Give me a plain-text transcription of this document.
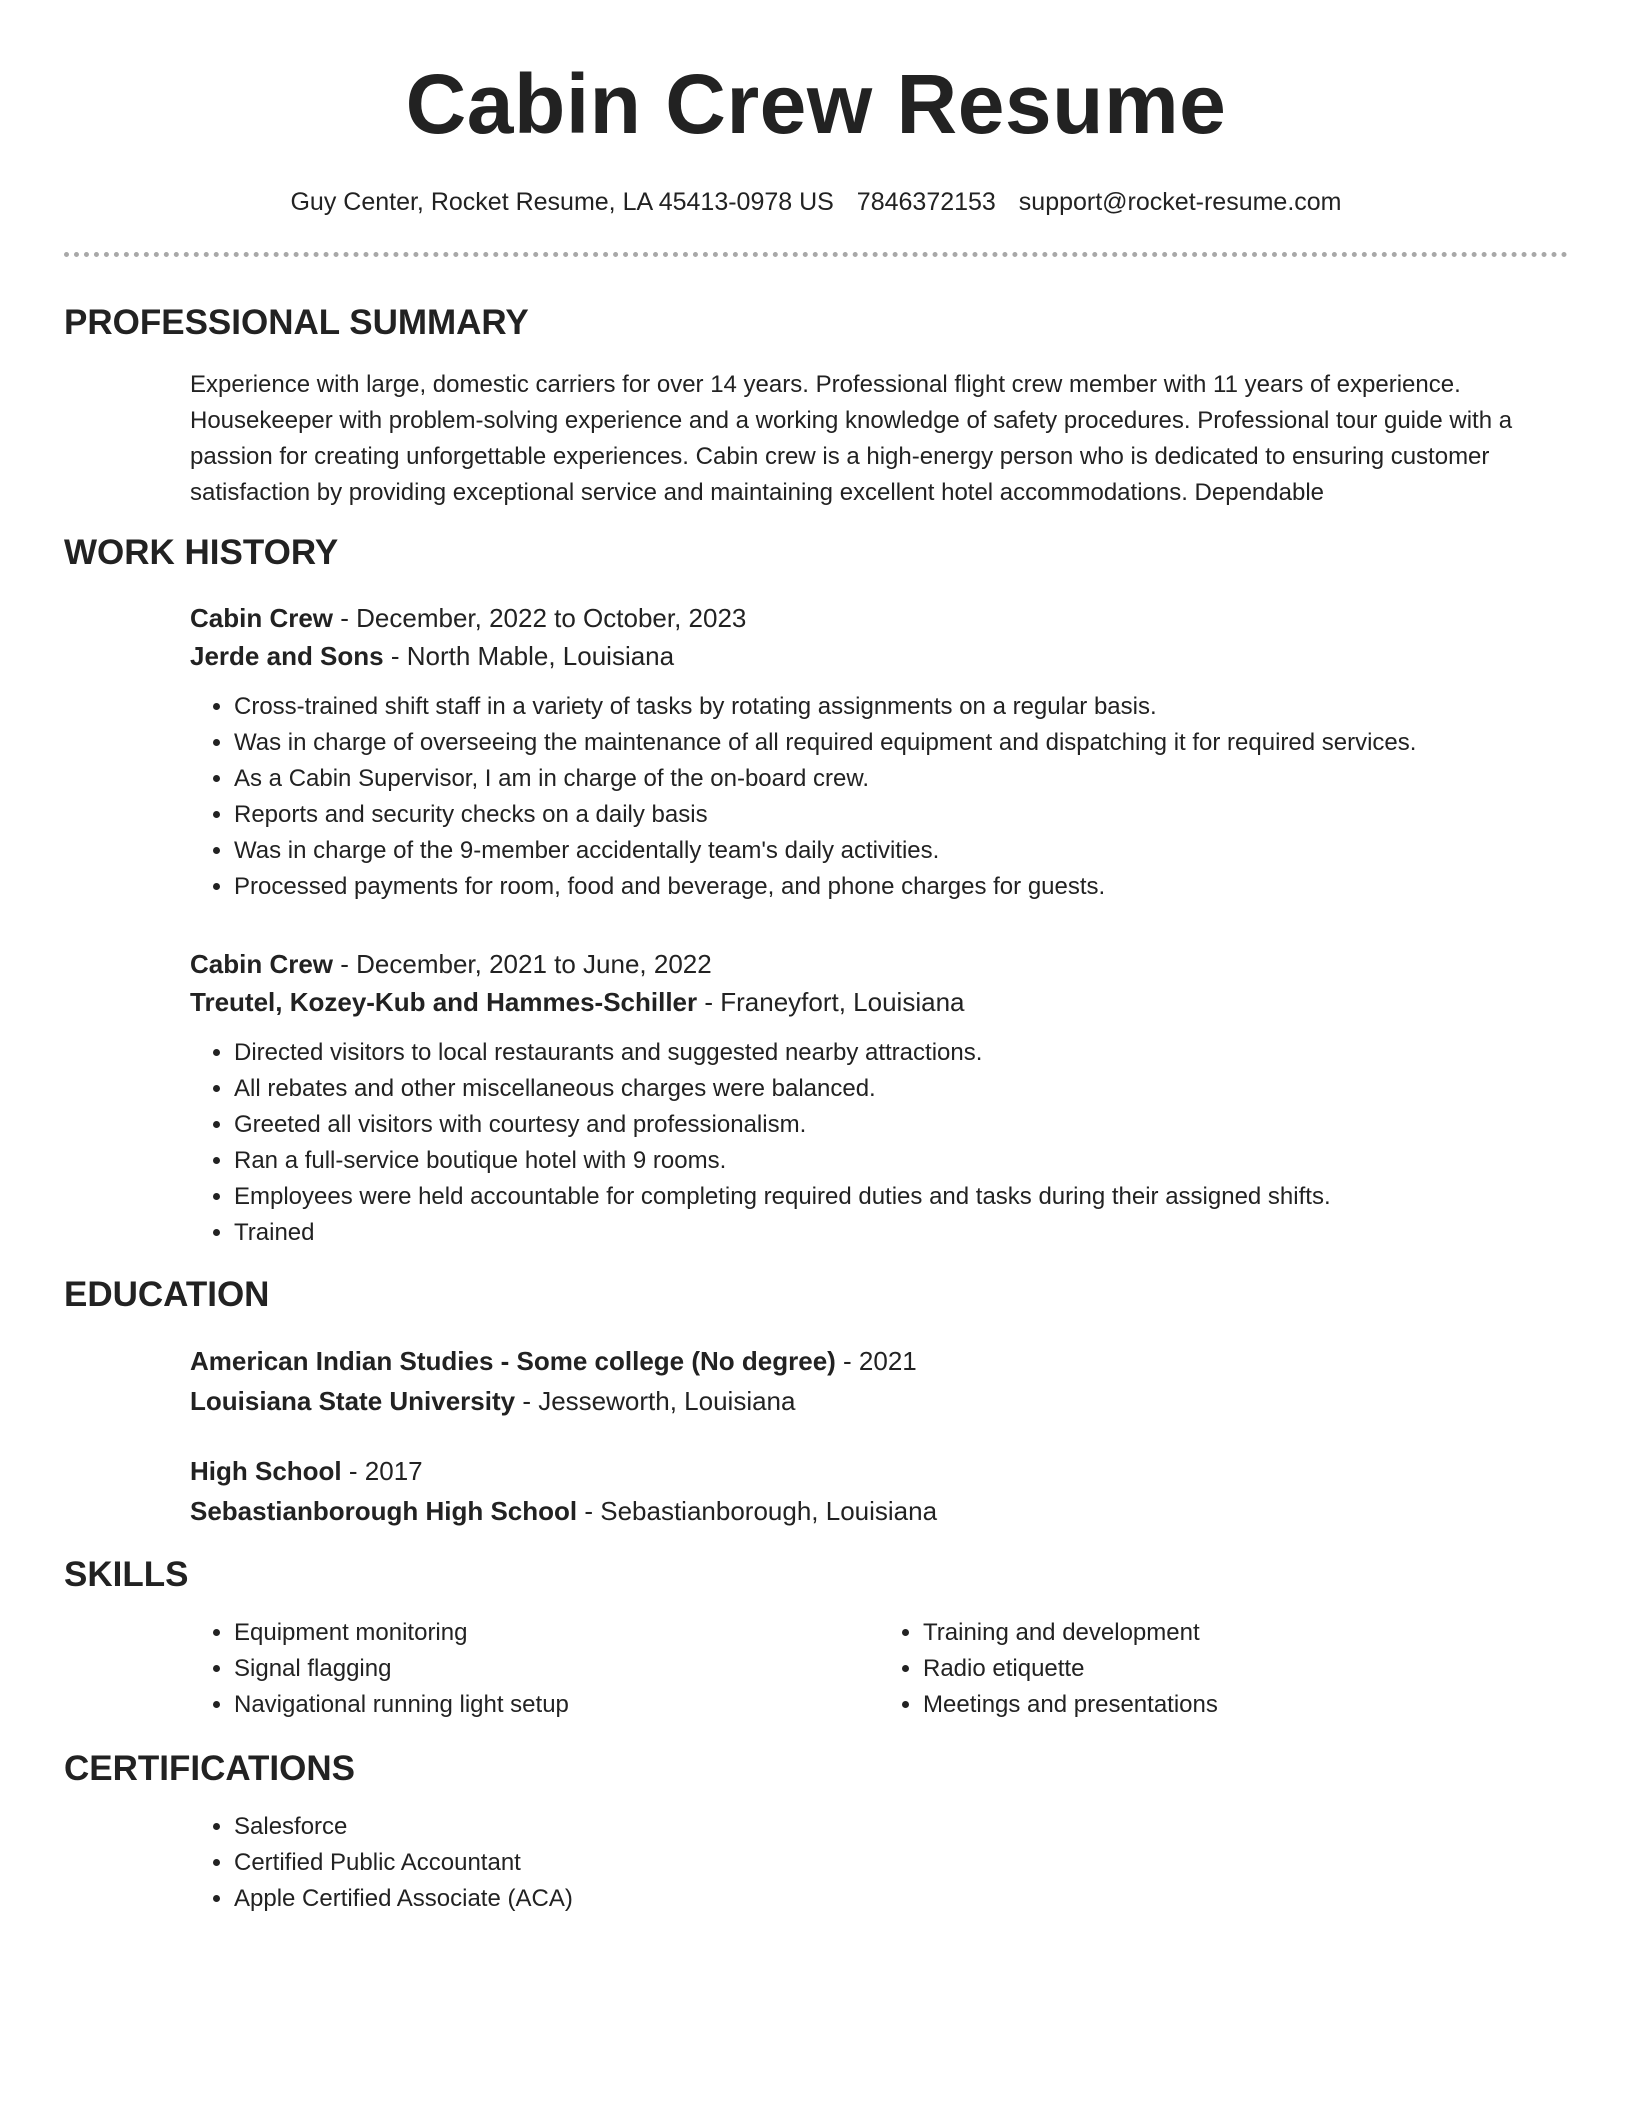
Cabin Crew Resume
Guy Center, Rocket Resume, LA 45413-0978 US 7846372153 support@rocket-resume.com
PROFESSIONAL SUMMARY
Experience with large, domestic carriers for over 14 years. Professional flight crew member with 11 years of experience. Housekeeper with problem-solving experience and a working knowledge of safety procedures. Professional tour guide with a passion for creating unforgettable experiences. Cabin crew is a high-energy person who is dedicated to ensuring customer satisfaction by providing exceptional service and maintaining excellent hotel accommodations. Dependable
WORK HISTORY
Cabin Crew - December, 2022 to October, 2023
Jerde and Sons - North Mable, Louisiana
• Cross-trained shift staff in a variety of tasks by rotating assignments on a regular basis.
• Was in charge of overseeing the maintenance of all required equipment and dispatching it for required services.
• As a Cabin Supervisor, I am in charge of the on-board crew.
• Reports and security checks on a daily basis
• Was in charge of the 9-member accidentally team's daily activities.
• Processed payments for room, food and beverage, and phone charges for guests.
Cabin Crew - December, 2021 to June, 2022
Treutel, Kozey-Kub and Hammes-Schiller - Franeyfort, Louisiana
• Directed visitors to local restaurants and suggested nearby attractions.
• All rebates and other miscellaneous charges were balanced.
• Greeted all visitors with courtesy and professionalism.
• Ran a full-service boutique hotel with 9 rooms.
• Employees were held accountable for completing required duties and tasks during their assigned shifts.
• Trained
EDUCATION
American Indian Studies - Some college (No degree) - 2021
Louisiana State University - Jesseworth, Louisiana
High School - 2017
Sebastianborough High School - Sebastianborough, Louisiana
SKILLS
• Equipment monitoring
• Signal flagging
• Navigational running light setup
• Training and development
• Radio etiquette
• Meetings and presentations
CERTIFICATIONS
• Salesforce
• Certified Public Accountant
• Apple Certified Associate (ACA)
